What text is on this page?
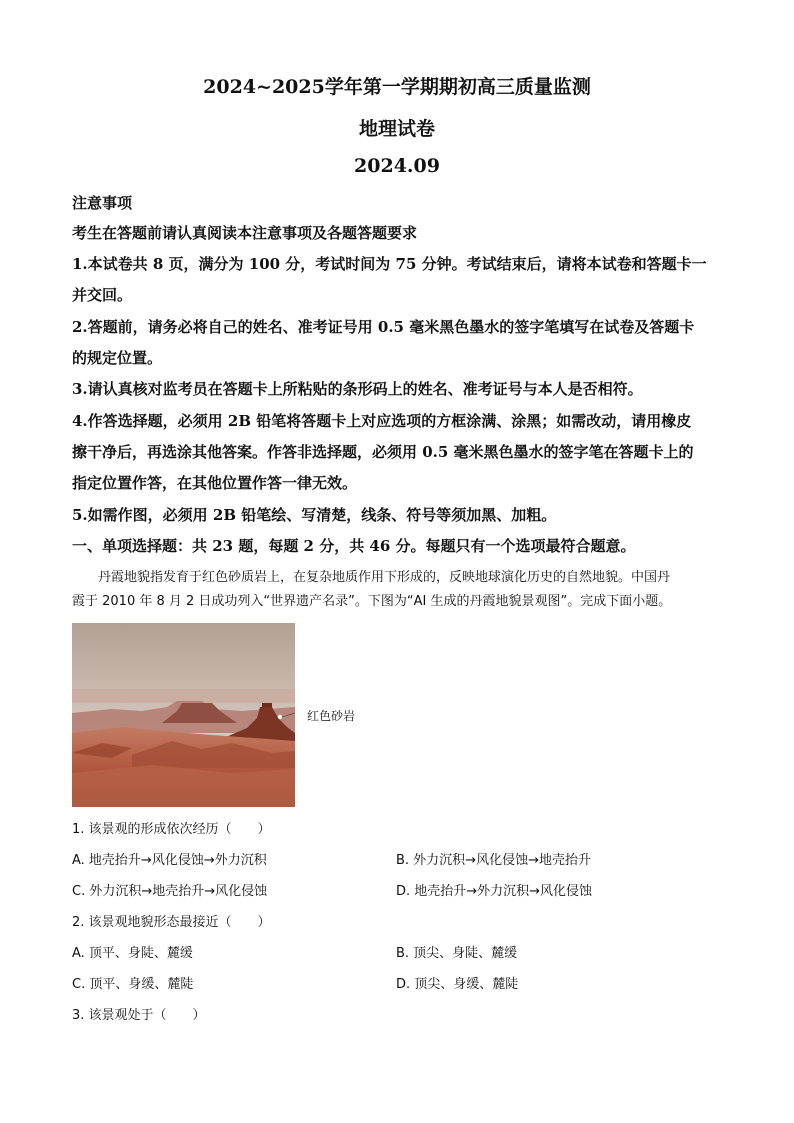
2024~2025学年第一学期期初高三质量监测
地理试卷
2024.09
注意事项
考生在答题前请认真阅读本注意事项及各题答题要求
1.本试卷共 8 页，满分为 100 分，考试时间为 75 分钟。考试结束后，请将本试卷和答题卡一
并交回。
2.答题前，请务必将自己的姓名、准考证号用 0.5 毫米黑色墨水的签字笔填写在试卷及答题卡
的规定位置。
3.请认真核对监考员在答题卡上所粘贴的条形码上的姓名、准考证号与本人是否相符。
4.作答选择题，必须用 2B 铅笔将答题卡上对应选项的方框涂满、涂黑；如需改动，请用橡皮
擦干净后，再选涂其他答案。作答非选择题，必须用 0.5 毫米黑色墨水的签字笔在答题卡上的
指定位置作答，在其他位置作答一律无效。
5.如需作图，必须用 2B 铅笔绘、写清楚，线条、符号等须加黑、加粗。
一、单项选择题：共 23 题，每题 2 分，共 46 分。每题只有一个选项最符合题意。

丹霞地貌指发育于红色砂质岩上，在复杂地质作用下形成的，反映地球演化历史的自然地貌。中国丹

霞于 2010 年 8 月 2 日成功列入“世界遗产名录”。下图为“AI 生成的丹霞地貌景观图”。完成下面小题。

红色砂岩
1. 该景观的形成依次经历（　　）
A. 地壳抬升→风化侵蚀→外力沉积	B. 外力沉积→风化侵蚀→地壳抬升
C. 外力沉积→地壳抬升→风化侵蚀	D. 地壳抬升→外力沉积→风化侵蚀
2. 该景观地貌形态最接近（　　）
A. 顶平、身陡、麓缓	B. 顶尖、身陡、麓缓
C. 顶平、身缓、麓陡	D. 顶尖、身缓、麓陡
3. 该景观处于（　　）
